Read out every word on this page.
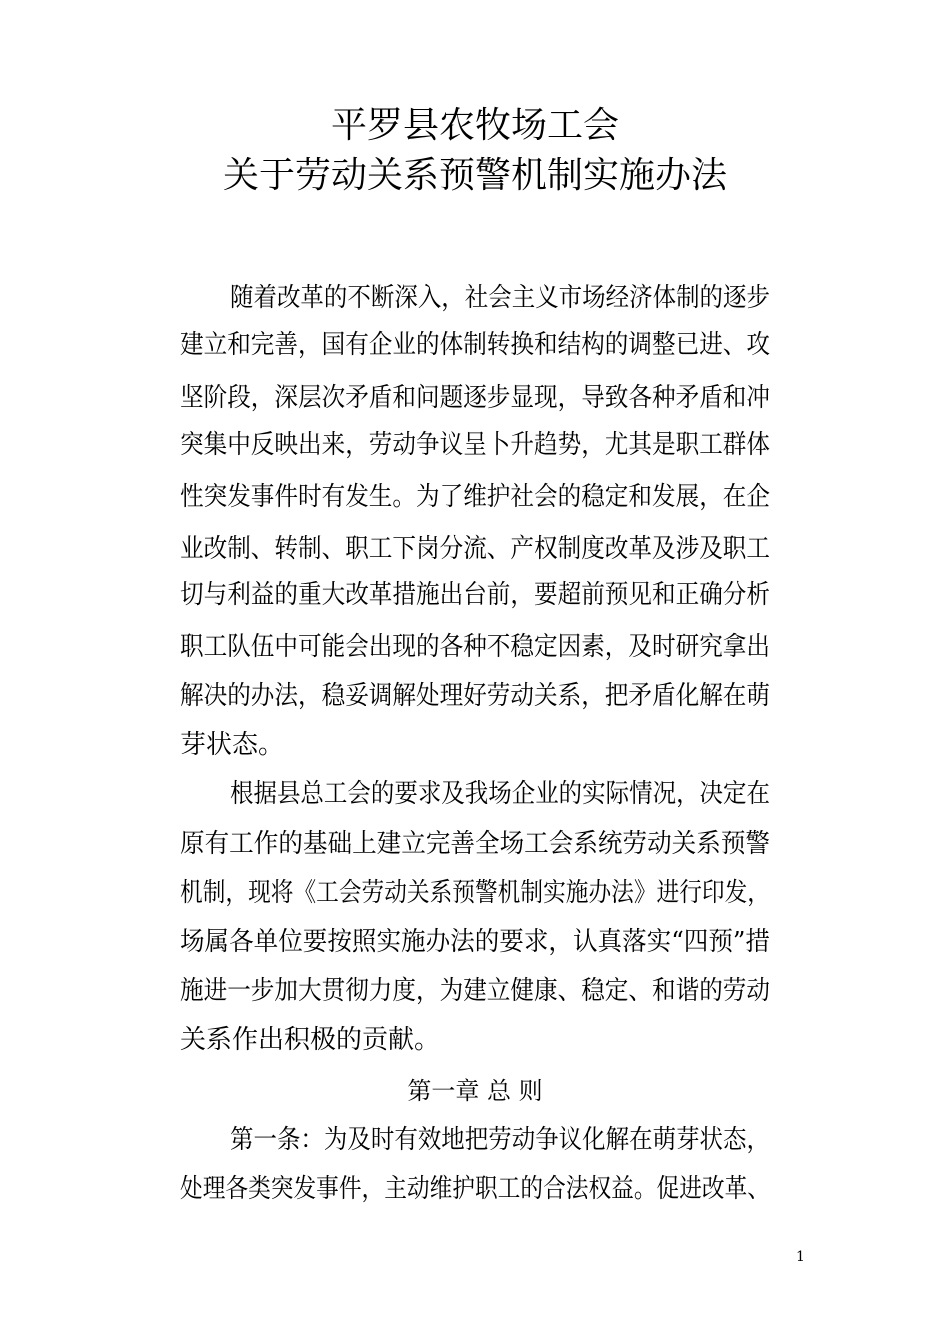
平罗县农牧场工会
关于劳动关系预警机制实施办法
随着改革的不断深入，社会主义市场经济体制的逐步
建立和完善，国有企业的体制转换和结构的调整已进、攻
坚阶段，深层次矛盾和问题逐步显现，导致各种矛盾和冲
突集中反映出来，劳动争议呈卜升趋势，尤其是职工群体
性突发事件时有发生。为了维护社会的稳定和发展，在企
业改制、转制、职工下岗分流、产权制度改革及涉及职工
切与利益的重大改革措施出台前，要超前预见和正确分析
职工队伍中可能会出现的各种不稳定因素，及时研究拿出
解决的办法，稳妥调解处理好劳动关系，把矛盾化解在萌
芽状态。
根据县总工会的要求及我场企业的实际情况，决定在
原有工作的基础上建立完善全场工会系统劳动关系预警
机制，现将《工会劳动关系预警机制实施办法》进行印发，
场属各单位要按照实施办法的要求，认真落实“四预”措
施进一步加大贯彻力度，为建立健康、稳定、和谐的劳动
关系作出积极的贡献。
第一章 总 则
第一条：为及时有效地把劳动争议化解在萌芽状态，
处理各类突发事件，主动维护职工的合法权益。促进改革、
1
